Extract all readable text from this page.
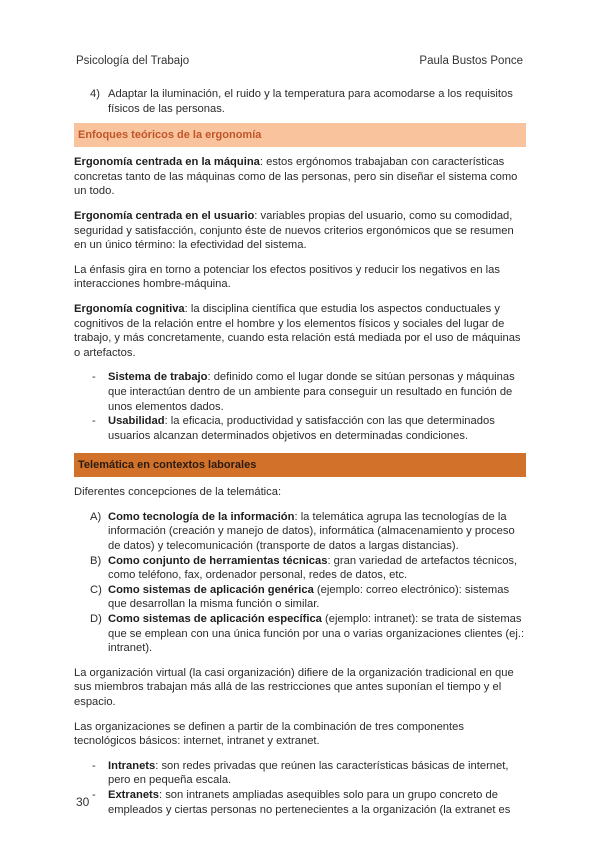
Psicología del Trabajo	Paula Bustos Ponce
4) Adaptar la iluminación, el ruido y la temperatura para acomodarse a los requisitos físicos de las personas.
Enfoques teóricos de la ergonomía

Ergonomía centrada en la máquina: estos ergónomos trabajaban con características concretas tanto de las máquinas como de las personas, pero sin diseñar el sistema como un todo.

Ergonomía centrada en el usuario: variables propias del usuario, como su comodidad, seguridad y satisfacción, conjunto éste de nuevos criterios ergonómicos que se resumen en un único término: la efectividad del sistema.

La énfasis gira en torno a potenciar los efectos positivos y reducir los negativos en las interacciones hombre-máquina.

Ergonomía cognitiva: la disciplina científica que estudia los aspectos conductuales y cognitivos de la relación entre el hombre y los elementos físicos y sociales del lugar de trabajo, y más concretamente, cuando esta relación está mediada por el uso de máquinas o artefactos.

- Sistema de trabajo: definido como el lugar donde se sitúan personas y máquinas que interactúan dentro de un ambiente para conseguir un resultado en función de unos elementos dados.
- Usabilidad: la eficacia, productividad y satisfacción con las que determinados usuarios alcanzan determinados objetivos en determinadas condiciones.
Telemática en contextos laborales

Diferentes concepciones de la telemática:

A) Como tecnología de la información: la telemática agrupa las tecnologías de la información (creación y manejo de datos), informática (almacenamiento y proceso de datos) y telecomunicación (transporte de datos a largas distancias).
B) Como conjunto de herramientas técnicas: gran variedad de artefactos técnicos, como teléfono, fax, ordenador personal, redes de datos, etc.
C) Como sistemas de aplicación genérica (ejemplo: correo electrónico): sistemas que desarrollan la misma función o similar.
D) Como sistemas de aplicación específica (ejemplo: intranet): se trata de sistemas que se emplean con una única función por una o varias organizaciones clientes (ej.: intranet).

La organización virtual (la casi organización) difiere de la organización tradicional en que sus miembros trabajan más allá de las restricciones que antes suponían el tiempo y el espacio.

Las organizaciones se definen a partir de la combinación de tres componentes tecnológicos básicos: internet, intranet y extranet.

- Intranets: son redes privadas que reúnen las características básicas de internet, pero en pequeña escala.
- Extranets: son intranets ampliadas asequibles solo para un grupo concreto de empleados y ciertas personas no pertenecientes a la organización (la extranet es
30
